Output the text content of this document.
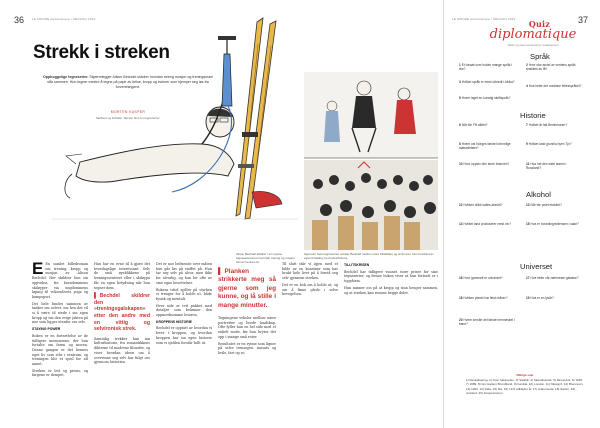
36	LE MONDE diplomatique / ÅRGANG 2021
Strekk i streken
Opphoggelige tegneserier. Skjærmlegger Alison Bechdel skildrer hvordan streng mosjon og treningsmani slår sammen. Hun tegner mestre å tegne på papir av helse, kropp og kvinner som kjemper seg løs fra forventningene.
MORTEN KASPER
Skribent og forfatter. Skriver fast om tegneserier.
Alison Bechdel skildrer i sin nyeste tegneserieroman hvordan trening og mosjon former hennes liv.
Gjennom hele tegneserien veksler Bechdel mellom store bildeflater og små ruter. Hun kombinerer egen fortelling med kulturhistorie.

E En samlet billedroman om trening, kropp og mosjon av Alison Bechdel. Her skildrer hun sin oppvekst, fra barndommens skiløyper via ungdommens løping til voksenlivets yoga og kampsport.

Det hele bindes sammen av tanker om selvet, om hva det vil si å være til stede i sin egen kropp og om den evige jakten på noe som ligger utenfor oss selv.

STAYING POWER

Boken er en fortsettelse av de tidligere memoarene, der hun fortalte om faren og moren. Denne gangen er det hennes eget liv som står i sentrum, og treningen blir et speil for alt annet.

Streken er lett og presis, og fargene er dempet.

Hun har en evne til å gjøre det hverdagslige interessant. Selv de små øyeblikkene på treningssenteret eller i skiløypa får en egen betydning når hun tegner dem.

▌ Bechdel skildrer den »treningsgalskapen« etter den andre med en vittig og selvironisk strek.

Samtidig trekker hun inn kulturhistorie, fra romantikkens dikterne til moderne filosofer, og viser hvordan ideen om å overvinne seg selv har fulgt oss gjennom historien.

Det er noe befriende over måten hun går løs på stoffet på. Hun tar seg selv på alvor, men ikke for alvorlig, og hun ler ofte av sine egne besettelser.

Bokens tittel spiller på styrken vi trenger for å holde ut, både fysisk og mentalt.

Hver side er tett pakket med detaljer som belønner den oppmerksomme leseren.

KROPPENS HISTORIE

Bechdel er opptatt av hvordan vi lever i kroppen, og hvordan kroppen har sin egen historie som vi sjelden forstår fullt ut.

▌ Planken strikkerte meg så gjerne som jeg kunne, og lå stille i mange minutter.

Tegningene veksler mellom nære portretter og brede landskap. Ofte fyller hun en hel side med et enkelt motiv, før hun bryter det opp i mange små ruter.

Resultatet er en rytme som ligner på selve treningen: innsats og hvile, fart og ro.

Til slutt står vi igjen med et bilde av en kunstner som har brukt hele livet på å forstå seg selv gjennom streken.

Det er en bok om å holde ut, og om å finne glede i selve bevegelsen.

TILLITSKRISEN

Bechdel har tidligere vunnet store priser for sine tegneserier, og denne boken viser at hun fortsatt er i toppform.

Hun minner oss på at kropp og sinn henger sammen, og at streken kan romme begge deler.

LE MONDE diplomatique / ÅRGANG 2021	37
Quiz
diplomatique
Tekst og sammensetning: redaksjonen
Språk
Historie
Alkohol
Universet
1Et forsøk som holder mange språk i live?
2Hvor stor andel av verdens språk snakkes av få?
3Hvilket språk er mest utbredt i Afrika?
4Hva heter det nordiske fellesspråket?
5Hvem laget en kunstig skriftspråk?
6Når ble FN stiftet?	7Hvilket år falt Berlinmuren?
8Hvem var Norges første kvinnelige statsminister?
9Hvilket land grunnla byen Tyr?
10Hvor oppsto den store brannen?	11Hva het den siste tsaren i Russland?
12Hvilken drikk kalles akevitt?	13Når ble polet etablert?
14Hvilket land produserer mest vin?	15Hva er hovedingrediensen i sake?
16Hvor gammelt er universet?	17Hva heter vår nærmeste galakse?
18Hvilken planet har flest måner?	19Hva er en lysår?
20Hvem sendte det første mennesket i bane?
Riktige svar
1) Revitalisering. 2) Over halvparten. 3) Swahili. 4) Skandinavisk. 5) Zamenhof. 6) 1945. 7) 1989. 8) Gro Harlem Brundtland. 9) Fønikia. 10) London. 11) Nikolaj II. 12) Brennevin. 13) 1922. 14) Italia. 15) Ris. 16) 13,8 milliarder år. 17) Andromeda. 18) Saturn. 19) Avstand. 20) Sovjetunionen.
